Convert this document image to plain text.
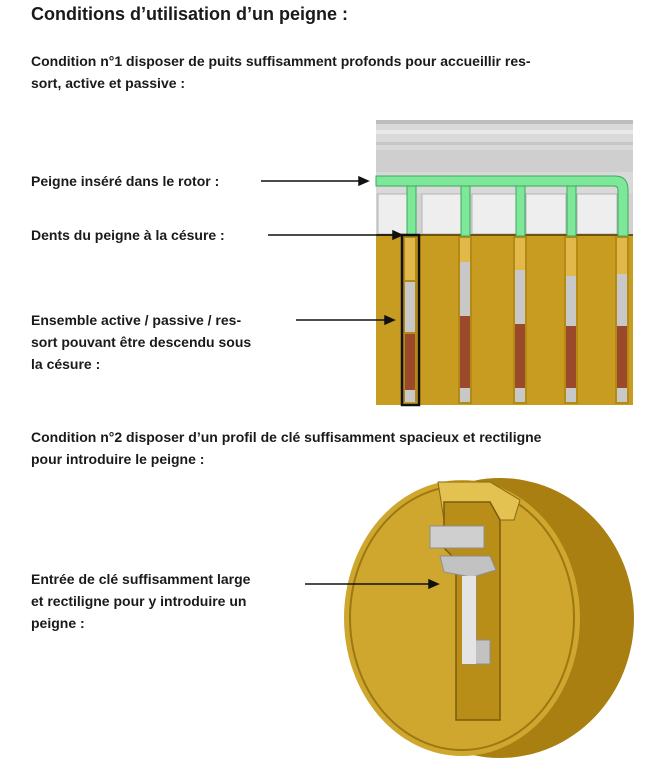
Conditions d’utilisation d’un peigne :

Condition n°1 disposer de puits suffisamment profonds pour accueillir res-
sort, active et passive :

Peigne inséré dans le rotor :

Dents du peigne à la césure :

Ensemble active / passive / res-
sort pouvant être descendu sous
la césure :

Condition n°2 disposer d’un profil de clé suffisamment spacieux et rectiligne
pour introduire le peigne :

Entrée de clé suffisamment large
et rectiligne pour y introduire un
peigne :
